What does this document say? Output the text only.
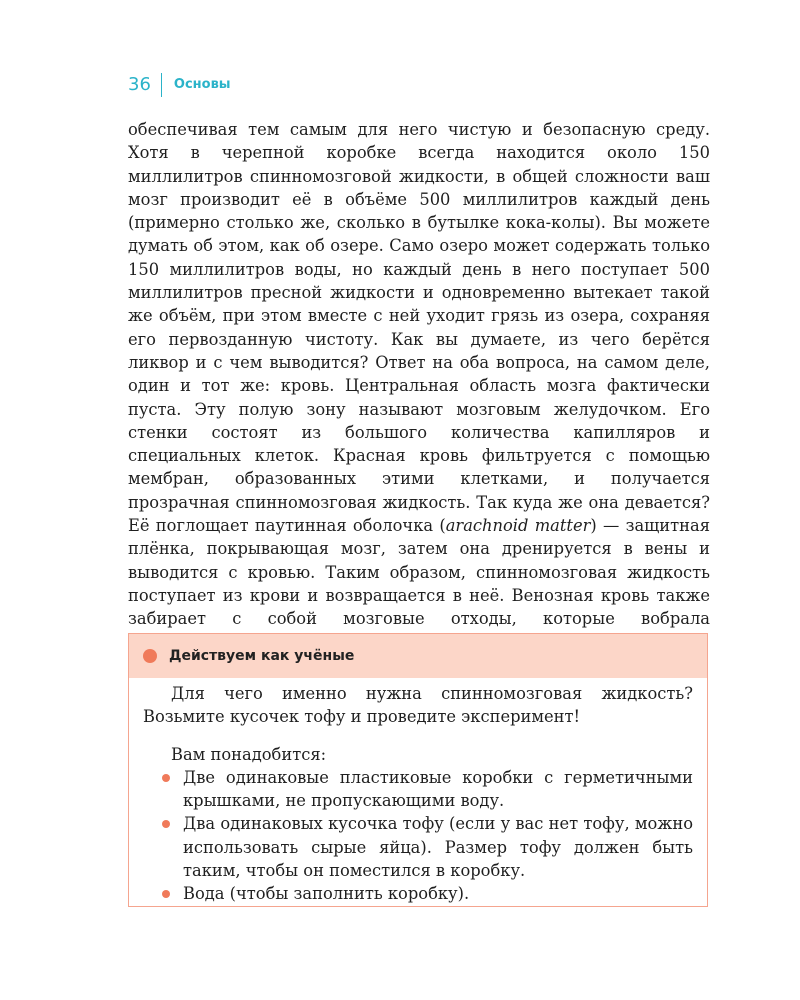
36 Основы

обеспечивая тем самым для него чистую и безопасную среду. Хотя в черепной коробке всегда находится около 150 миллилитров спинномозговой жидкости, в общей сложности ваш мозг производит её в объёме 500 миллилитров каждый день (примерно столько же, сколько в бутылке кока-колы). Вы можете думать об этом, как об озере. Само озеро может содержать только 150 миллилитров воды, но каждый день в него поступает 500 миллилитров пресной жидкости и одновременно вытекает такой же объём, при этом вместе с ней уходит грязь из озера, сохраняя его первозданную чистоту. Как вы думаете, из чего берётся ликвор и с чем выводится? Ответ на оба вопроса, на самом деле, один и тот же: кровь. Центральная область мозга фактически пуста. Эту полую зону называют мозговым желудочком. Его стенки состоят из большого количества капилляров и специальных клеток. Красная кровь фильтруется с помощью мембран, образованных этими клетками, и получается прозрачная спинномозговая жидкость. Так куда же она девается? Её поглощает паутинная оболочка (arachnoid matter) — защитная плёнка, покрывающая мозг, затем она дренируется в вены и выводится с кровью. Таким образом, спинномозговая жидкость поступает из крови и возвращается в неё. Венозная кровь также забирает с собой мозговые отходы, которые вобрала

Действуем как учёные

Для чего именно нужна спинномозговая жидкость? Возьмите кусочек тофу и проведите эксперимент!

Вам понадобится:

Две одинаковые пластиковые коробки с герметичными крышками, не пропускающими воду.
Два одинаковых кусочка тофу (если у вас нет тофу, можно использовать сырые яйца). Размер тофу должен быть таким, чтобы он поместился в коробку.
Вода (чтобы заполнить коробку).
